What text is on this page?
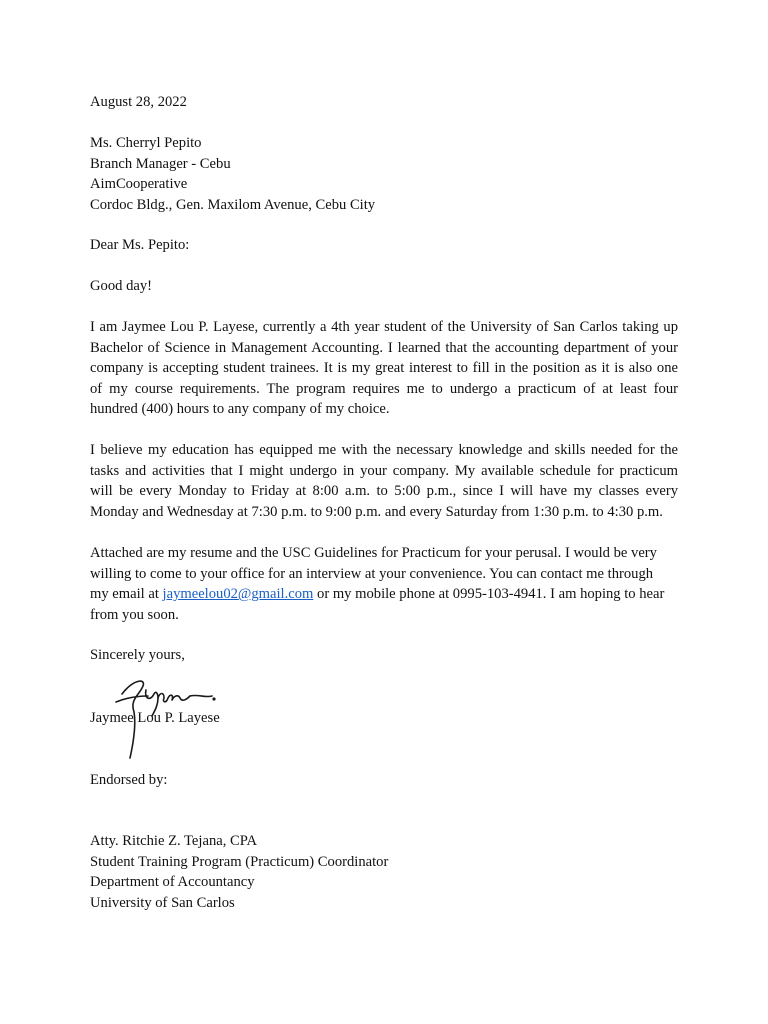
August 28, 2022

Ms. Cherryl Pepito

Branch Manager - Cebu

AimCooperative

Cordoc Bldg., Gen. Maxilom Avenue, Cebu City

Dear Ms. Pepito:

Good day!

I am Jaymee Lou P. Layese, currently a 4th year student of the University of San Carlos taking up

Bachelor of Science in Management Accounting. I learned that the accounting department of your

company is accepting student trainees. It is my great interest to fill in the position as it is also one

of my course requirements. The program requires me to undergo a practicum of at least four

hundred (400) hours to any company of my choice.

I believe my education has equipped me with the necessary knowledge and skills needed for the

tasks and activities that I might undergo in your company. My available schedule for practicum

will be every Monday to Friday at 8:00 a.m. to 5:00 p.m., since I will have my classes every

Monday and Wednesday at 7:30 p.m. to 9:00 p.m. and every Saturday from 1:30 p.m. to 4:30 p.m.

Attached are my resume and the USC Guidelines for Practicum for your perusal. I would be very

willing to come to your office for an interview at your convenience. You can contact me through

my email at jaymeelou02@gmail.com or my mobile phone at 0995-103-4941. I am hoping to hear

from you soon.

Sincerely yours,

Jaymee Lou P. Layese

Endorsed by:

Atty. Ritchie Z. Tejana, CPA

Student Training Program (Practicum) Coordinator

Department of Accountancy

University of San Carlos
